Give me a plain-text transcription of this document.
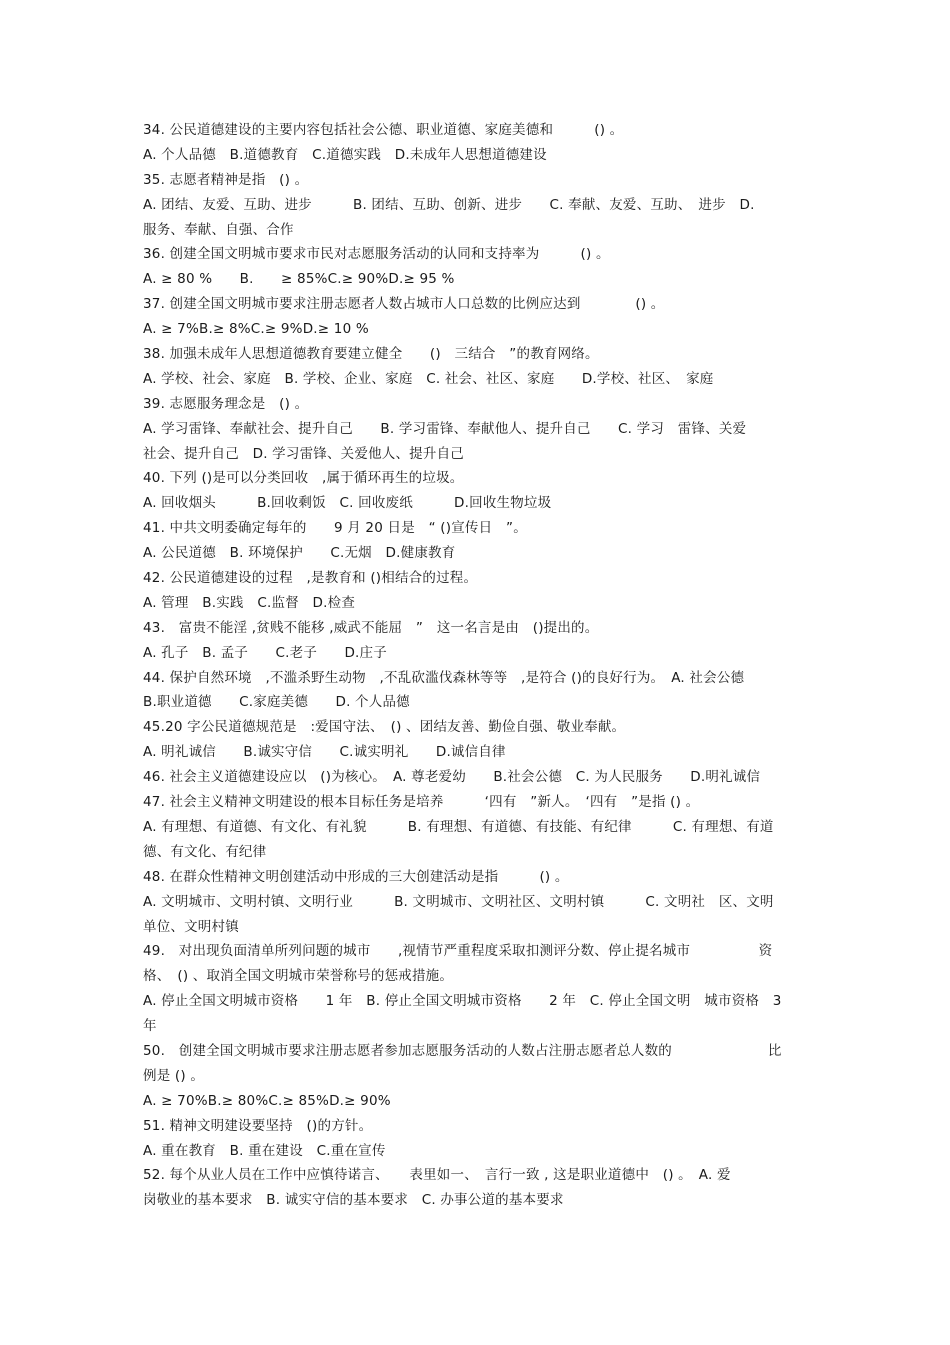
34. 公民道德建设的主要内容包括社会公德、职业道德、家庭美德和　　　() 。
A. 个人品德　B.道德教育　C.道德实践　D.未成年人思想道德建设
35. 志愿者精神是指　() 。
A. 团结、友爱、互助、进步　　　B. 团结、互助、创新、进步　　C. 奉献、友爱、互助、　进步　D.
服务、奉献、自强、合作
36. 创建全国文明城市要求市民对志愿服务活动的认同和支持率为　　　() 。
A. ≥ 80 %　　B.　　≥ 85%C.≥ 90%D.≥ 95 %
37. 创建全国文明城市要求注册志愿者人数占城市人口总数的比例应达到　　　　() 。
A. ≥ 7%B.≥ 8%C.≥ 9%D.≥ 10 %
38. 加强未成年人思想道德教育要建立健全　　()　三结合　”的教育网络。
A. 学校、社会、家庭　B. 学校、企业、家庭　C. 社会、社区、家庭　　D.学校、社区、　家庭
39. 志愿服务理念是　() 。
A. 学习雷锋、奉献社会、提升自己　　B. 学习雷锋、奉献他人、提升自己　　C. 学习　雷锋、关爱
社会、提升自己　D. 学习雷锋、关爱他人、提升自己
40. 下列 ()是可以分类回收　,属于循环再生的垃圾。
A. 回收烟头　　　B.回收剩饭　C. 回收废纸　　　D.回收生物垃圾
41. 中共文明委确定每年的　　9 月 20 日是　“ ()宣传日　”。
A. 公民道德　B. 环境保护　　C.无烟　D.健康教育
42. 公民道德建设的过程　,是教育和 ()相结合的过程。
A. 管理　B.实践　C.监督　D.检查
43.　富贵不能淫 ,贫贱不能移 ,威武不能屈　”　这一名言是由　()提出的。
A. 孔子　B. 孟子　　C.老子　　D.庄子
44. 保护自然环境　,不滥杀野生动物　,不乱砍滥伐森林等等　,是符合 ()的良好行为。　A. 社会公德
B.职业道德　　C.家庭美德　　D. 个人品德
45.20 字公民道德规范是　:爱国守法、　() 、团结友善、勤俭自强、敬业奉献。
A. 明礼诚信　　B.诚实守信　　C.诚实明礼　　D.诚信自律
46. 社会主义道德建设应以　()为核心。　A. 尊老爱幼　　B.社会公德　C. 为人民服务　　D.明礼诚信
47. 社会主义精神文明建设的根本目标任务是培养　　　‘四有　”新人。　‘四有　”是指 () 。
A. 有理想、有道德、有文化、有礼貌　　　B. 有理想、有道德、有技能、有纪律　　　C. 有理想、有道
德、有文化、有纪律
48. 在群众性精神文明创建活动中形成的三大创建活动是指　　　() 。
A. 文明城市、文明村镇、文明行业　　　B. 文明城市、文明社区、文明村镇　　　C. 文明社　区、文明
单位、文明村镇
49.　对出现负面清单所列问题的城市　　,视情节严重程度采取扣测评分数、停止提名城市　　　　　资
格、　() 、取消全国文明城市荣誉称号的惩戒措施。
A. 停止全国文明城市资格　　1 年　B. 停止全国文明城市资格　　2 年　C. 停止全国文明　城市资格　3
年
50.　创建全国文明城市要求注册志愿者参加志愿服务活动的人数占注册志愿者总人数的　　　　　　　比
例是 () 。
A. ≥ 70%B.≥ 80%C.≥ 85%D.≥ 90%
51. 精神文明建设要坚持　()的方针。
A. 重在教育　B. 重在建设　C.重在宣传
52. 每个从业人员在工作中应慎待诺言、　　表里如一、　言行一致 , 这是职业道德中　() 。　A. 爱
岗敬业的基本要求　B. 诚实守信的基本要求　C. 办事公道的基本要求
